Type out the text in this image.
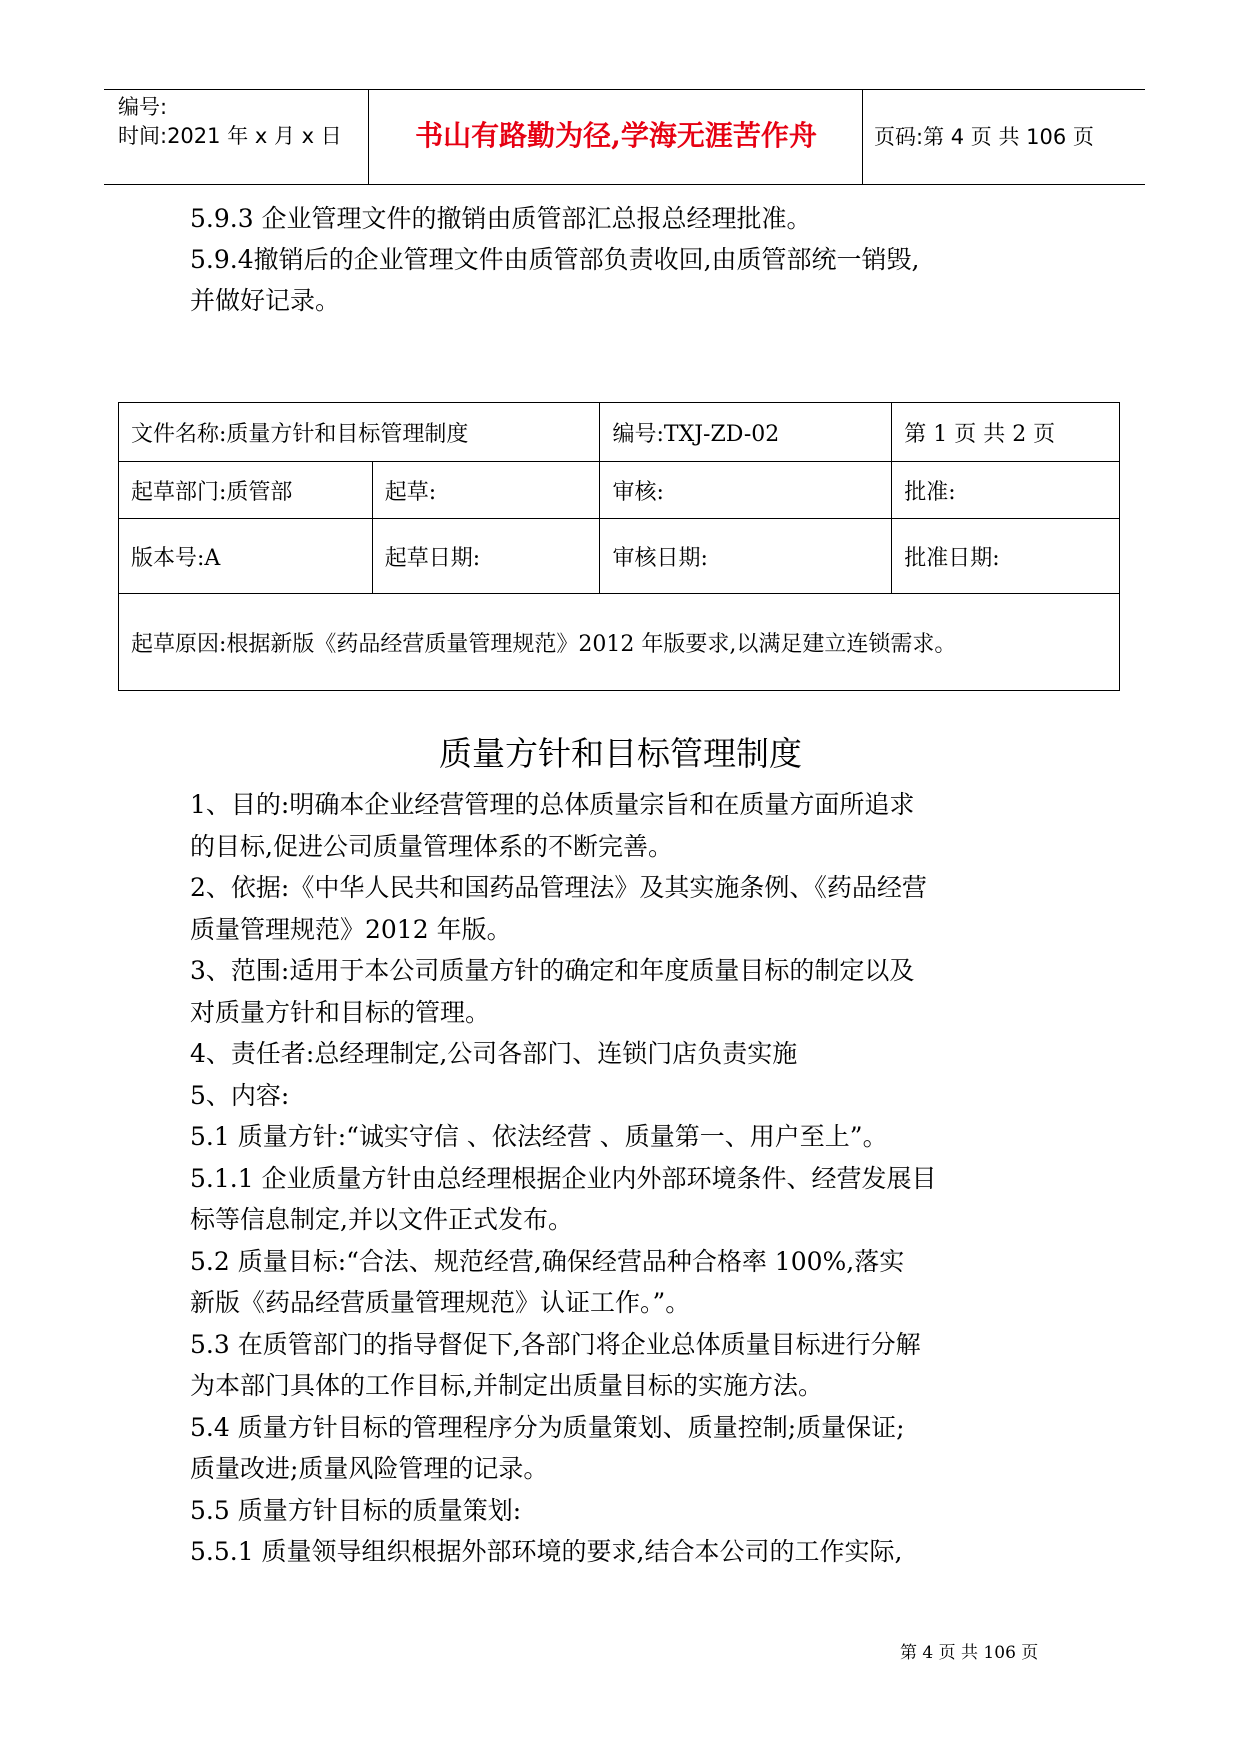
编号:
时间:2021 年 x 月 x 日	书山有路勤为径,学海无涯苦作舟	页码:第 4 页 共 106 页
5.9.3 企业管理文件的撤销由质管部汇总报总经理批准。
5.9.4撤销后的企业管理文件由质管部负责收回,由质管部统一销毁,
并做好记录。
文件名称:质量方针和目标管理制度		编号:TXJ-ZD-02	第 1 页 共 2 页
起草部门:质管部	起草:	审核:	批准:
版本号:A	起草日期:	审核日期:	批准日期:
起草原因:根据新版《药品经营质量管理规范》2012 年版要求,以满足建立连锁需求。			
质量方针和目标管理制度

1、目的:明确本企业经营管理的总体质量宗旨和在质量方面所追求

的目标,促进公司质量管理体系的不断完善。

2、依据:《中华人民共和国药品管理法》及其实施条例、《药品经营

质量管理规范》2012 年版。

3、范围:适用于本公司质量方针的确定和年度质量目标的制定以及

对质量方针和目标的管理。

4、责任者:总经理制定,公司各部门、连锁门店负责实施

5、内容:

5.1 质量方针:“诚实守信 、依法经营 、质量第一、用户至上”。

5.1.1 企业质量方针由总经理根据企业内外部环境条件、经营发展目

标等信息制定,并以文件正式发布。

5.2 质量目标:“合法、规范经营,确保经营品种合格率 100%,落实

新版《药品经营质量管理规范》认证工作。”。

5.3 在质管部门的指导督促下,各部门将企业总体质量目标进行分解

为本部门具体的工作目标,并制定出质量目标的实施方法。

5.4 质量方针目标的管理程序分为质量策划、质量控制;质量保证;

质量改进;质量风险管理的记录。

5.5 质量方针目标的质量策划:

5.5.1 质量领导组织根据外部环境的要求,结合本公司的工作实际,

第 4 页 共 106 页
